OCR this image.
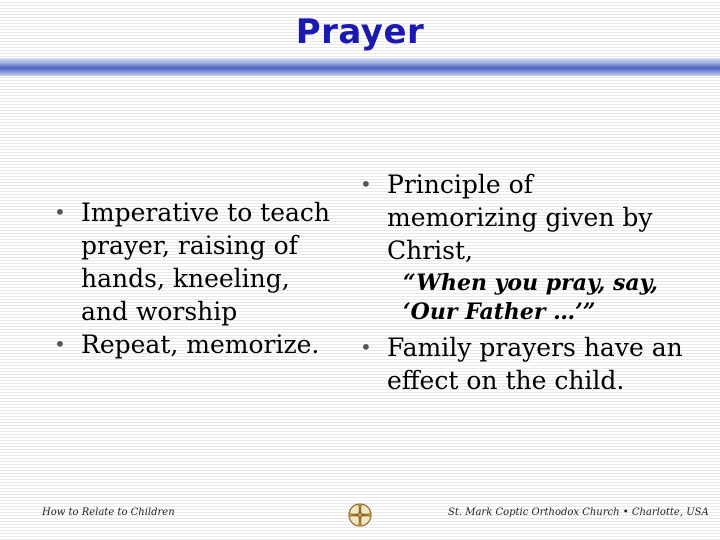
Prayer
• Imperative to teach prayer, raising of hands, kneeling, and worship
• Repeat, memorize.
• Principle of memorizing given by Christ,
“When you pray, say, ‘Our Father …’”
• Family prayers have an effect on the child.
How to Relate to Children	St. Mark Coptic Orthodox Church • Charlotte, USA
